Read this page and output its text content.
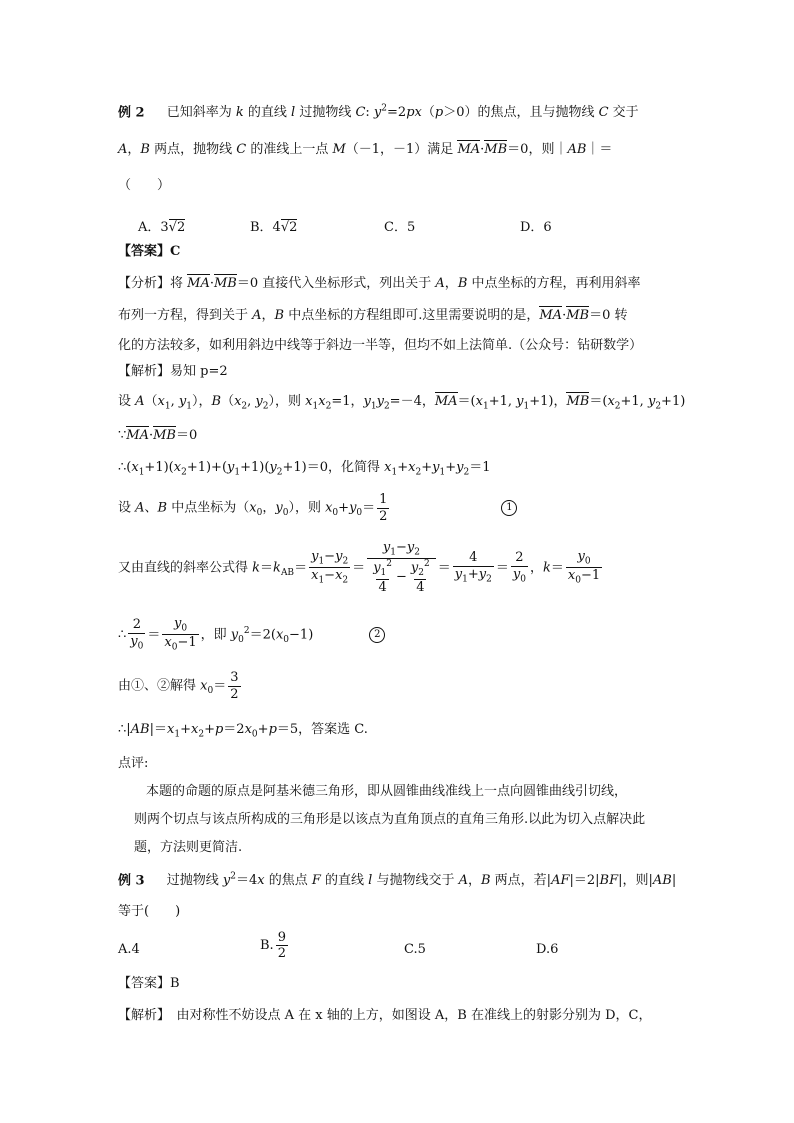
例 2 已知斜率为 k 的直线 l 过抛物线 C: $y^2=2px(p>0)$的焦点，且与抛物线 C 交于
A，B 两点，抛物线 C 的准线上一点 M（－1，－1）满足 MA·MB＝0，则｜AB｜＝
（　　）
A．3√2	B．4√2	C．5	D．6
【答案】C
【分析】将 MA·MB＝0 直接代入坐标形式，列出关于 A，B 中点坐标的方程，再利用斜率
布列一方程，得到关于 A，B 中点坐标的方程组即可.这里需要说明的是，MA·MB＝0 转
化的方法较多，如利用斜边中线等于斜边一半等，但均不如上法简单.（公众号：钻研数学）
【解析】易知 p=2
设 $A(x_1$, $y_1$），$B(x_2$, $y_2$），则 $x_1x_2=1$，$y_1y_2=-4$，$MA=(x_1+1$, $y_1+1$)，$MB=(x_2+1$, $y_2+1$)
∵MA·MB＝0
$\therefore(x_1+1)(x_2+1)+(y_1+1)(y_2+1)=0$，化简得 $x_1+x_2+y_1+y_2=1$
设 A、B 中点坐标为（$x_0$，$y_0$），则 $x_0+y_0= \frac{1}{2}$	1
又由直线的斜率公式得 $k=k_{AB}= \frac{y_1-y_2}{x_1-x_2} = \frac{y_1-y_2}{\frac{y_1^2}{4} - \frac{y_2^2}{4}} = \frac{4}{y_1+y_2} = \frac{2}{y_0}$ ，$k= \frac{y_0}{x_0-1}$
∴ $\frac{2}{y_0} = \frac{y_0}{x_0-1}$ ，即 $y_0^2=2(x_0-1)$	2
由①、②解得 $x_0= \frac{3}{2}$
$\therefore|AB|=x_1+x_2+p=2x_0+p=5$，答案选 C.
点评:
本题的命题的原点是阿基米德三角形，即从圆锥曲线准线上一点向圆锥曲线引切线，
则两个切点与该点所构成的三角形是以该点为直角顶点的直角三角形.以此为切入点解决此
题，方法则更简洁.
例 3 过抛物线 $y^2=4x$ 的焦点 F 的直线 l 与抛物线交于 A，B 两点，若|AF|＝2|BF|，则|AB|
等于(　　)
A.4	B. $\frac{9}{2}$	C.5	D.6
【答案】B
【解析】　由对称性不妨设点 A 在 x 轴的上方，如图设 A，B 在准线上的射影分别为 D，C，
